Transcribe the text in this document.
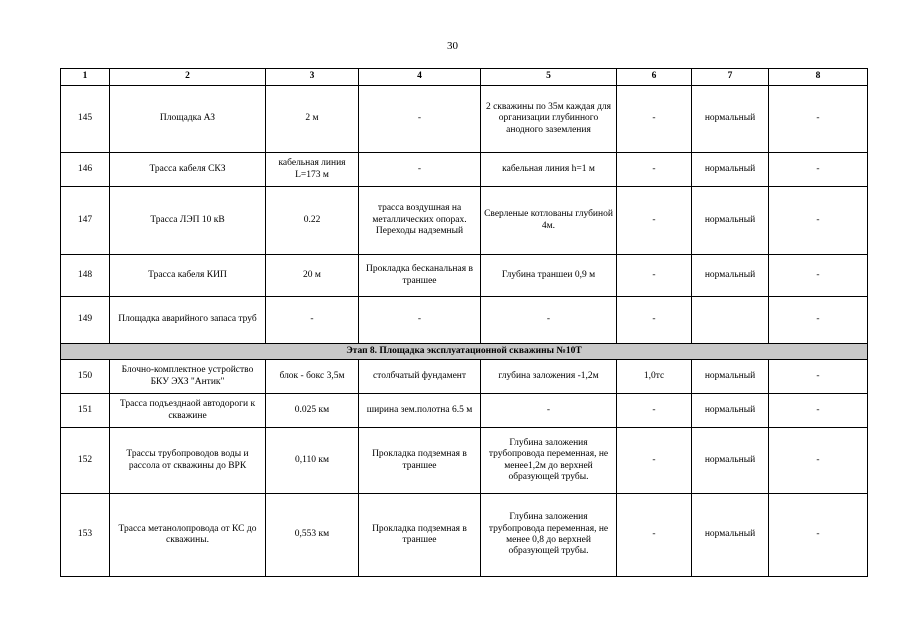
30
1	2	3	4	5	6	7	8
145	Площадка АЗ	2 м	-	2 скважины по 35м каждая для организации глубинного анодного заземления	-	нормальный	-
146	Трасса кабеля СКЗ	кабельная линия L=173 м	-	кабельная линия h=1 м	-	нормальный	-
147	Трасса ЛЭП 10 кВ	0.22	трасса воздушная на металлических опорах. Переходы надземный	Сверленые котлованы глубиной 4м.	-	нормальный	-
148	Трасса кабеля КИП	20 м	Прокладка бесканальная в траншее	Глубина траншеи 0,9 м	-	нормальный	-
149	Площадка аварийного запаса труб	-	-	-	-		-
Этап 8. Площадка эксплуатационной скважины №10Т							
150	Блочно-комплектное устройство БКУ ЭХЗ "Антик"	блок - бокс 3,5м	столбчатый фундамент	глубина заложения -1,2м	1,0тс	нормальный	-
151	Трасса подъезднаой автодороги к скважине	0.025 км	ширина зем.полотна 6.5 м	-	-	нормальный	-
152	Трассы трубопроводов воды и рассола от скважины до ВРК	0,110 км	Прокладка подземная в траншее	Глубина заложения трубопровода переменная, не менее1,2м до верхней образующей трубы.	-	нормальный	-
153	Трасса метанолопровода от КС до скважины.	0,553 км	Прокладка подземная в траншее	Глубина заложения трубопровода переменная, не менее 0,8 до верхней образующей трубы.	-	нормальный	-
